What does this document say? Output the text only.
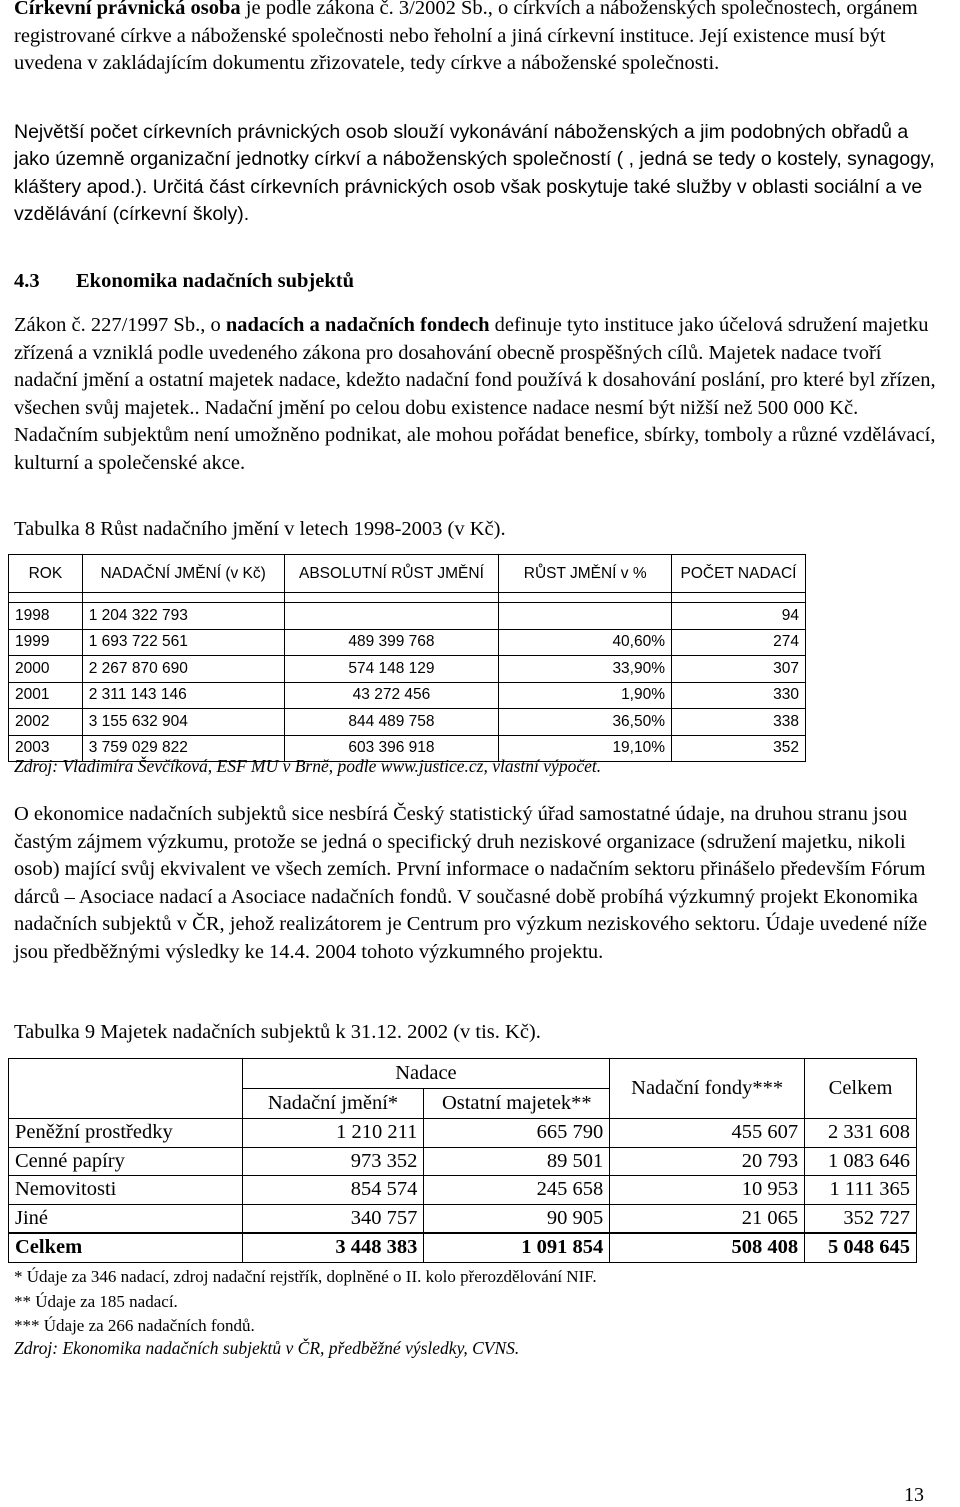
Církevní právnická osoba je podle zákona č. 3/2002 Sb., o církvích a náboženských společnostech, orgánem registrované církve a náboženské společnosti nebo řeholní a jiná církevní instituce. Její existence musí být uvedena v zakládajícím dokumentu zřizovatele, tedy církve a náboženské společnosti.

Největší počet církevních právnických osob slouží vykonávání náboženských a jim podobných obřadů a jako územně organizační jednotky církví a náboženských společností ( , jedná se tedy o kostely, synagogy, kláštery apod.). Určitá část církevních právnických osob však poskytuje také služby v oblasti sociální a ve vzdělávání (církevní školy).

4.3 Ekonomika nadačních subjektů

Zákon č. 227/1997 Sb., o nadacích a nadačních fondech definuje tyto instituce jako účelová sdružení majetku zřízená a vzniklá podle uvedeného zákona pro dosahování obecně prospěšných cílů. Majetek nadace tvoří nadační jmění a ostatní majetek nadace, kdežto nadační fond používá k dosahování poslání, pro které byl zřízen, všechen svůj majetek.. Nadační jmění po celou dobu existence nadace nesmí být nižší než 500 000 Kč. Nadačním subjektům není umožněno podnikat, ale mohou pořádat benefice, sbírky, tomboly a různé vzdělávací, kulturní a společenské akce.

Tabulka 8 Růst nadačního jmění v letech 1998-2003 (v Kč).

ROK	NADAČNÍ JMĚNÍ (v Kč)	ABSOLUTNÍ RŮST JMĚNÍ	RŮST JMĚNÍ v %	POČET NADACÍ

1998	1 204 322 793			94
1999	1 693 722 561	489 399 768	40,60%	274
2000	2 267 870 690	574 148 129	33,90%	307
2001	2 311 143 146	43 272 456	1,90%	330
2002	3 155 632 904	844 489 758	36,50%	338
2003	3 759 029 822	603 396 918	19,10%	352

Zdroj: Vladimíra Ševčíková, ESF MU v Brně, podle www.justice.cz, vlastní výpočet.

O ekonomice nadačních subjektů sice nesbírá Český statistický úřad samostatné údaje, na druhou stranu jsou častým zájmem výzkumu, protože se jedná o specifický druh neziskové organizace (sdružení majetku, nikoli osob) mající svůj ekvivalent ve všech zemích. První informace o nadačním sektoru přinášelo především Fórum dárců – Asociace nadací a Asociace nadačních fondů. V současné době probíhá výzkumný projekt Ekonomika nadačních subjektů v ČR, jehož realizátorem je Centrum pro výzkum neziskového sektoru. Údaje uvedené níže jsou předběžnými výsledky ke 14.4. 2004 tohoto výzkumného projektu.

Tabulka 9 Majetek nadačních subjektů k 31.12. 2002 (v tis. Kč).

	Nadace		Nadační fondy***	Celkem
	Nadační jmění*	Ostatní majetek**		
Peněžní prostředky	1 210 211	665 790	455 607	2 331 608
Cenné papíry	973 352	89 501	20 793	1 083 646
Nemovitosti	854 574	245 658	10 953	1 111 365
Jiné	340 757	90 905	21 065	352 727
Celkem	3 448 383	1 091 854	508 408	5 048 645

* Údaje za 346 nadací, zdroj nadační rejstřík, doplněné o II. kolo přerozdělování NIF.

** Údaje za 185 nadací.

*** Údaje za 266 nadačních fondů.

Zdroj: Ekonomika nadačních subjektů v ČR, předběžné výsledky, CVNS.

13
